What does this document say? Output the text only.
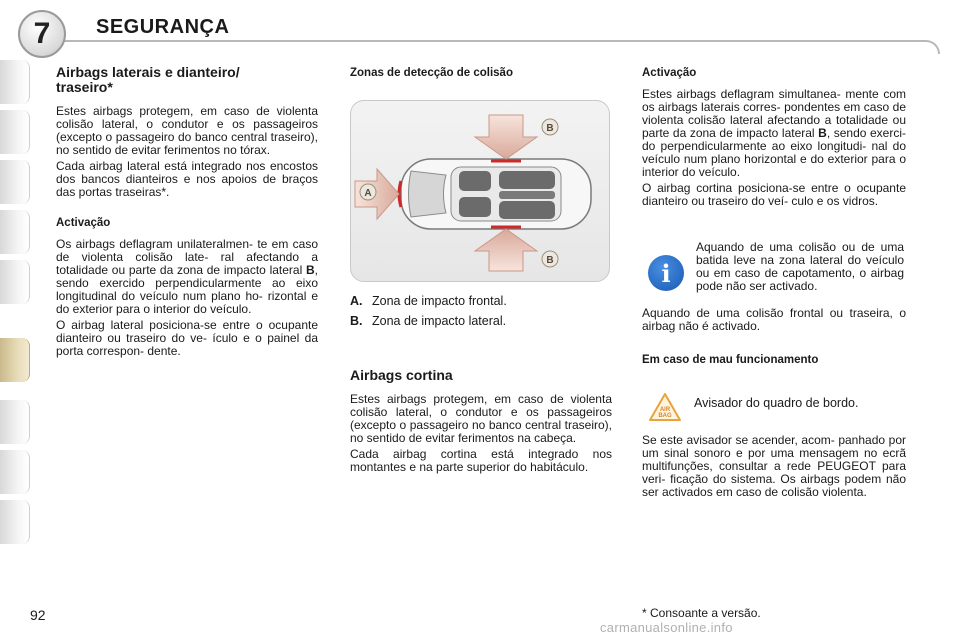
7	SEGURANÇA
Airbags laterais e dianteiro/ traseiro*

Estes airbags protegem, em caso de violenta colisão lateral, o condutor e os passageiros (excepto o passageiro do banco central traseiro), no sentido de evitar ferimentos no tórax.

Cada airbag lateral está integrado nos encostos dos bancos dianteiros e nos apoios de braços das portas traseiras*.

Activação

Os airbags deflagram unilateralmen- te em caso de violenta colisão late- ral afectando a totalidade ou parte da zona de impacto lateral B, sendo exercido perpendicularmente ao eixo longitudinal do veículo num plano ho- rizontal e do exterior para o interior do veículo.

O airbag lateral posiciona-se entre o ocupante dianteiro ou traseiro do ve- ículo e o painel da porta correspon- dente.

Zonas de detecção de colisão
B
B
A
A. Zona de impacto frontal.
B. Zona de impacto lateral.
Airbags cortina

Estes airbags protegem, em caso de violenta colisão lateral, o condutor e os passageiros (excepto o passageiro no banco central traseiro), no sentido de evitar ferimentos na cabeça.

Cada airbag cortina está integrado nos montantes e na parte superior do habitáculo.

Activação

Estes airbags deflagram simultanea- mente com os airbags laterais corres- pondentes em caso de violenta colisão lateral afectando a totalidade ou parte da zona de impacto lateral B, sendo exerci- do perpendicularmente ao eixo longitudi- nal do veículo num plano horizontal e do exterior para o interior do veículo.

O airbag cortina posiciona-se entre o ocupante dianteiro ou traseiro do veí- culo e os vidros.

i

Aquando de uma colisão ou de uma batida leve na zona lateral do veículo ou em caso de capotamento, o airbag pode não ser activado.

Aquando de uma colisão frontal ou traseira, o airbag não é activado.

Em caso de mau funcionamento
AIR
BAG
Avisador do quadro de bordo.

Se este avisador se acender, acom- panhado por um sinal sonoro e por uma mensagem no ecrã multifunções, consultar a rede PEUGEOT para veri- ficação do sistema. Os airbags podem não ser activados em caso de colisão violenta.

92	* Consoante a versão.
carmanualsonline.info
